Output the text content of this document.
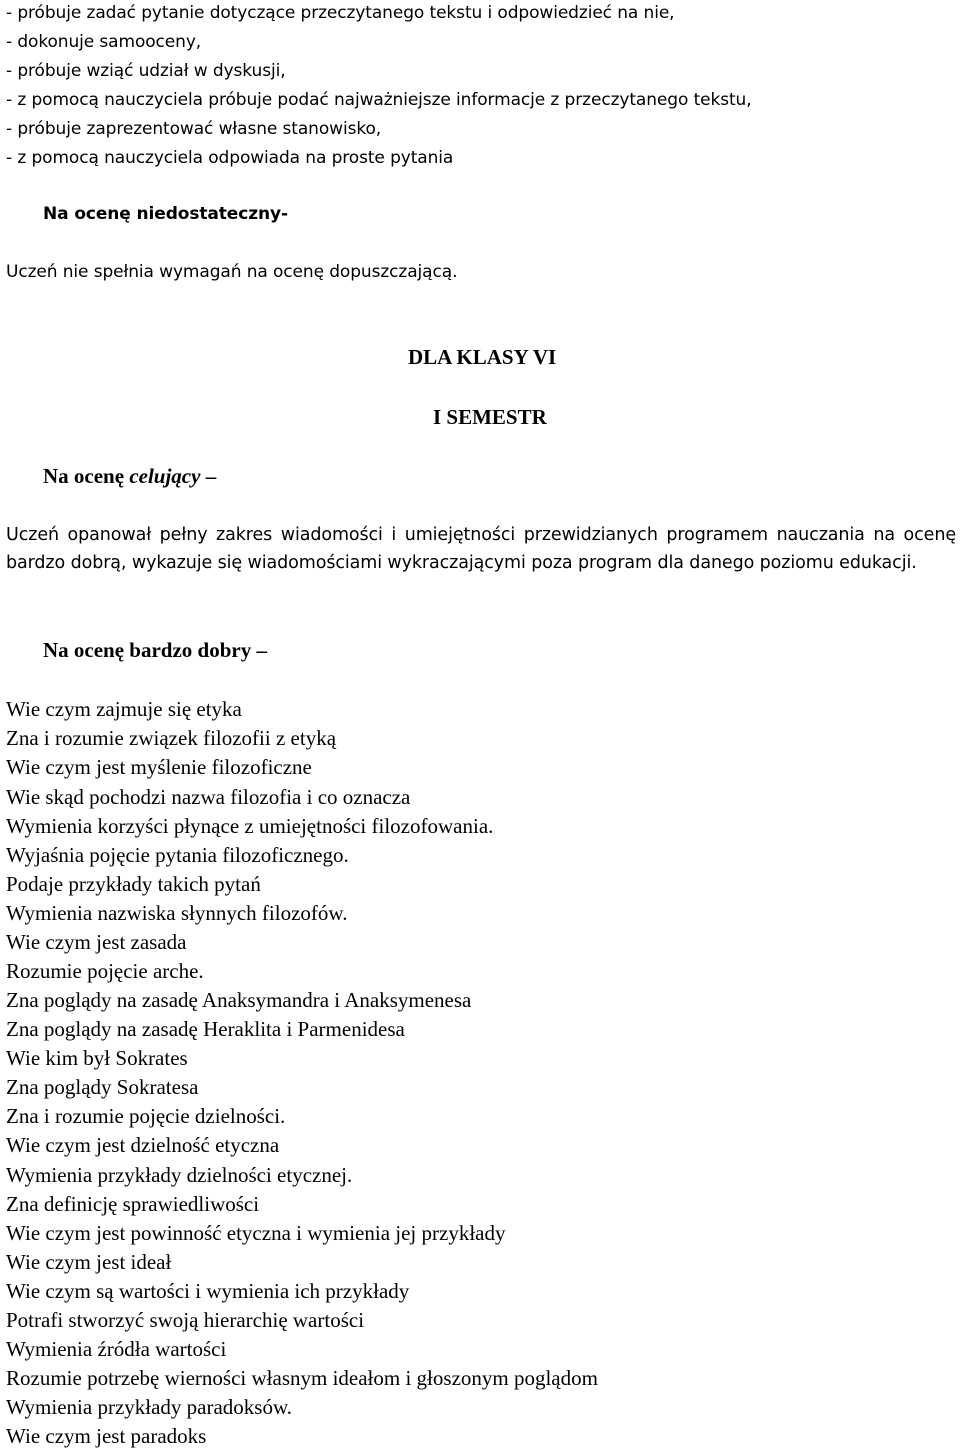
- próbuje zadać pytanie dotyczące przeczytanego tekstu i odpowiedzieć na nie,
- dokonuje samooceny,
- próbuje wziąć udział w dyskusji,
- z pomocą nauczyciela próbuje podać najważniejsze informacje z przeczytanego tekstu,
- próbuje zaprezentować własne stanowisko,
- z pomocą nauczyciela odpowiada na proste pytania
Na ocenę niedostateczny-
Uczeń nie spełnia wymagań na ocenę dopuszczającą.
DLA KLASY VI
I SEMESTR
Na ocenę celujący –
Uczeń opanował pełny zakres wiadomości i umiejętności przewidzianych programem nauczania na ocenę bardzo dobrą, wykazuje się wiadomościami wykraczającymi poza program dla danego poziomu edukacji.
Na ocenę bardzo dobry –
Wie czym zajmuje się etyka
Zna i rozumie związek filozofii z etyką
Wie czym jest myślenie filozoficzne
Wie skąd pochodzi nazwa filozofia i co oznacza
Wymienia korzyści płynące z umiejętności filozofowania.
Wyjaśnia pojęcie pytania filozoficznego.
Podaje przykłady takich pytań
Wymienia nazwiska słynnych filozofów.
Wie czym jest zasada
Rozumie pojęcie arche.
Zna poglądy na zasadę Anaksymandra i Anaksymenesa
Zna poglądy na zasadę Heraklita i Parmenidesa
Wie kim był Sokrates
Zna poglądy Sokratesa
Zna i rozumie pojęcie dzielności.
Wie czym jest dzielność etyczna
Wymienia przykłady dzielności etycznej.
Zna definicję sprawiedliwości
Wie czym jest powinność etyczna i wymienia jej przykłady
Wie czym jest ideał
Wie czym są wartości i wymienia ich przykłady
Potrafi stworzyć swoją hierarchię wartości
Wymienia źródła wartości
Rozumie potrzebę wierności własnym ideałom i głoszonym poglądom
Wymienia przykłady paradoksów.
Wie czym jest paradoks
